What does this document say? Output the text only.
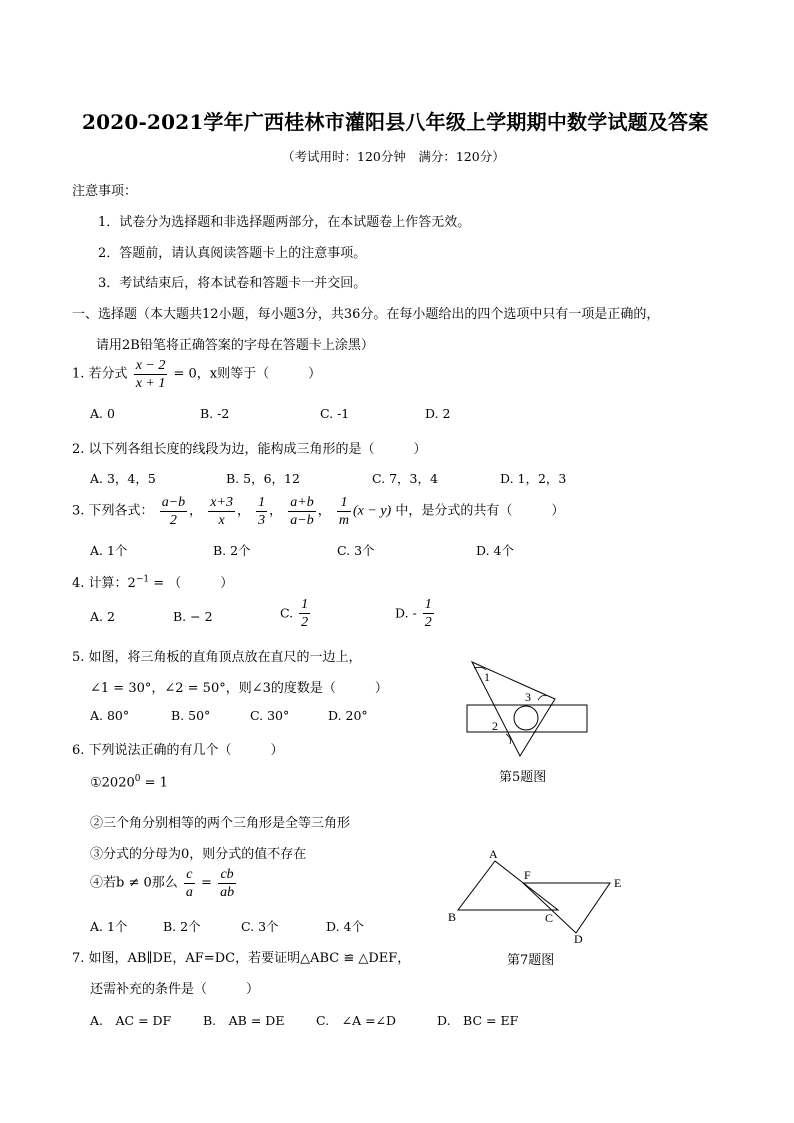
2020-2021学年广西桂林市灌阳县八年级上学期期中数学试题及答案
（考试用时：120分钟　满分：120分）
注意事项：
1．试卷分为选择题和非选择题两部分，在本试题卷上作答无效。
2．答题前，请认真阅读答题卡上的注意事项。
3．考试结束后，将本试卷和答题卡一并交回。
一、选择题（本大题共12小题，每小题3分，共36分。在每小题给出的四个选项中只有一项是正确的，
请用2B铅笔将正确答案的字母在答题卡上涂黑）
1. 若分式 $\frac{x - 2}{x + 1} = 0$，x则等于（　　　）
A. 0	B. -2	C. -1	D. 2
2. 以下列各组长度的线段为边，能构成三角形的是（　　　）
A. 3，4，5	B. 5，6，12	C. 7，3，4	D. 1，2，3
3. 下列各式： $\frac{a-b}{2}$ ， $\frac{x+3}{x}$ ， $\frac{1}{3}$ ， $\frac{a+b}{a-b}$ ， $\frac{1}{m} (x - y)$ 中，是分式的共有（　　　）
A. 1个	B. 2个	C. 3个	D. 4个
4. 计算：$2^{-1}$ = （　　　）
A. 2	B. − 2	C. $\frac{1}{2}$	D. - $\frac{1}{2}$
5. 如图，将三角板的直角顶点放在直尺的一边上，
∠1 = 30°，∠2 = 50°，则∠3的度数是（　　　）
A. 80°	B. 50°	C. 30°	D. 20°
1
3
2
第5题图
6. 下列说法正确的有几个（　　　）
$①2020^0 = 1$
②三个角分别相等的两个三角形是全等三角形
③分式的分母为0，则分式的值不存在
④若b ≠ 0那么 $\frac{c}{a} = \frac{cb}{ab}$
A. 1个	B. 2个	C. 3个	D. 4个
A
F
E
B	C
D
第7题图
7. 如图，AB∥DE，AF=DC，若要证明△ABC ≌ △DEF，
还需补充的条件是（　　　）
A.　AC = DF	B.　AB = DE	C.　∠A =∠D	D.　BC = EF
